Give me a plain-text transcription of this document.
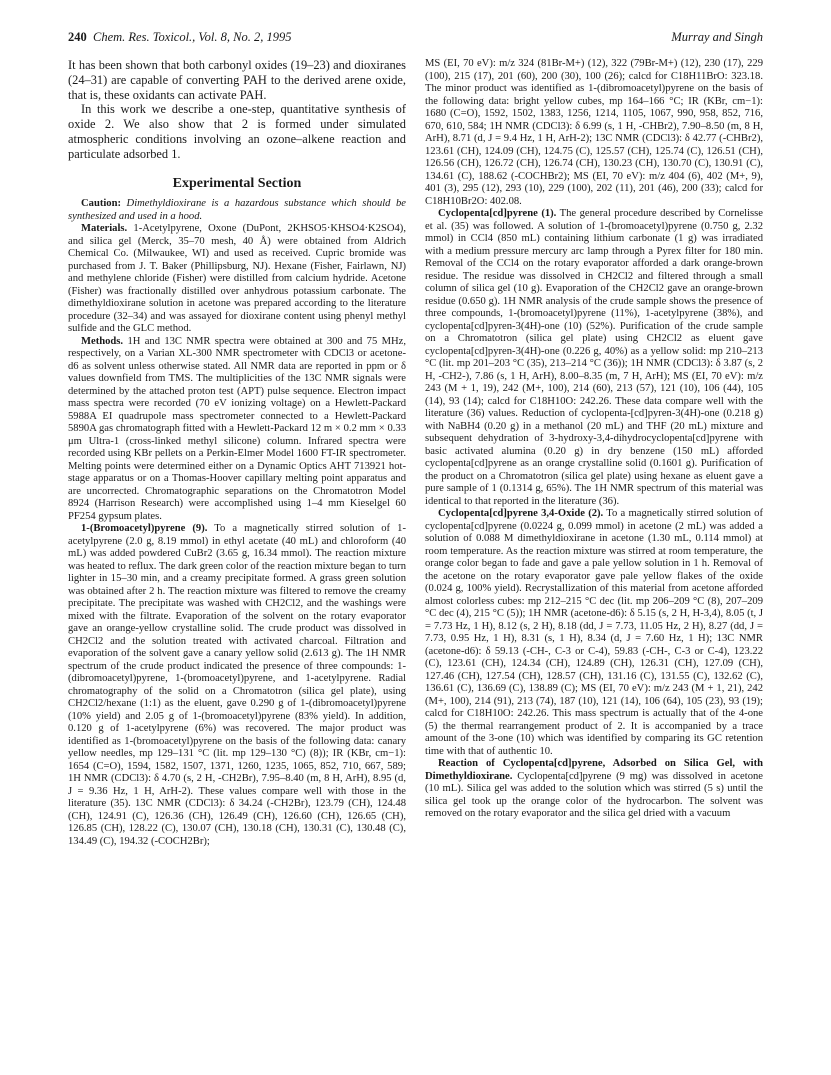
240 Chem. Res. Toxicol., Vol. 8, No. 2, 1995	Murray and Singh

It has been shown that both carbonyl oxides (19–23) and dioxiranes (24–31) are capable of converting PAH to the derived arene oxide, that is, these oxidants can activate PAH.

In this work we describe a one-step, quantitative synthesis of oxide 2. We also show that 2 is formed under simulated atmospheric conditions involving an ozone–alkene reaction and particulate adsorbed 1.

Experimental Section

Caution: Dimethyldioxirane is a hazardous substance which should be synthesized and used in a hood.

Materials. 1-Acetylpyrene, Oxone (DuPont, 2KHSO5·KHSO4·K2SO4), and silica gel (Merck, 35–70 mesh, 40 Å) were obtained from Aldrich Chemical Co. (Milwaukee, WI) and used as received. Cupric bromide was purchased from J. T. Baker (Phillipsburg, NJ). Hexane (Fisher, Fairlawn, NJ) and methylene chloride (Fisher) were distilled from calcium hydride. Acetone (Fisher) was fractionally distilled over anhydrous potassium carbonate. The dimethyldioxirane solution in acetone was prepared according to the literature procedure (32–34) and was assayed for dioxirane content using phenyl methyl sulfide and the GLC method.

Methods. 1H and 13C NMR spectra were obtained at 300 and 75 MHz, respectively, on a Varian XL-300 NMR spectrometer with CDCl3 or acetone-d6 as solvent unless otherwise stated. All NMR data are reported in ppm or δ values downfield from TMS. The multiplicities of the 13C NMR signals were determined by the attached proton test (APT) pulse sequence. Electron impact mass spectra were recorded (70 eV ionizing voltage) on a Hewlett-Packard 5988A EI quadrupole mass spectrometer connected to a Hewlett-Packard 5890A gas chromatograph fitted with a Hewlett-Packard 12 m × 0.2 mm × 0.33 μm Ultra-1 (cross-linked methyl silicone) column. Infrared spectra were recorded using KBr pellets on a Perkin-Elmer Model 1600 FT-IR spectrometer. Melting points were determined either on a Dynamic Optics AHT 713921 hot-stage apparatus or on a Thomas-Hoover capillary melting point apparatus and are uncorrected. Chromatographic separations on the Chromatotron Model 8924 (Harrison Research) were accomplished using 1–4 mm Kieselgel 60 PF254 gypsum plates.

1-(Bromoacetyl)pyrene (9). To a magnetically stirred solution of 1-acetylpyrene (2.0 g, 8.19 mmol) in ethyl acetate (40 mL) and chloroform (40 mL) was added powdered CuBr2 (3.65 g, 16.34 mmol). The reaction mixture was heated to reflux. The dark green color of the reaction mixture began to turn lighter in 15–30 min, and a creamy precipitate formed. A grass green solution was obtained after 2 h. The reaction mixture was filtered to remove the creamy precipitate. The precipitate was washed with CH2Cl2, and the washings were mixed with the filtrate. Evaporation of the solvent on the rotary evaporator gave an orange-yellow crystalline solid. The crude product was dissolved in CH2Cl2 and the solution treated with activated charcoal. Filtration and evaporation of the solvent gave a canary yellow solid (2.613 g). The 1H NMR spectrum of the crude product indicated the presence of three compounds: 1-(dibromoacetyl)pyrene, 1-(bromoacetyl)pyrene, and 1-acetylpyrene. Radial chromatography of the solid on a Chromatotron (silica gel plate), using CH2Cl2/hexane (1:1) as the eluent, gave 0.290 g of 1-(dibromoacetyl)pyrene (10% yield) and 2.05 g of 1-(bromoacetyl)pyrene (83% yield). In addition, 0.120 g of 1-acetylpyrene (6%) was recovered. The major product was identified as 1-(bromoacetyl)pyrene on the basis of the following data: canary yellow needles, mp 129–131 °C (lit. mp 129–130 °C) (8)); IR (KBr, cm−1): 1654 (C=O), 1594, 1582, 1507, 1371, 1260, 1235, 1065, 852, 710, 667, 589; 1H NMR (CDCl3): δ 4.70 (s, 2 H, -CH2Br), 7.95–8.40 (m, 8 H, ArH), 8.95 (d, J = 9.36 Hz, 1 H, ArH-2). These values compare well with those in the literature (35). 13C NMR (CDCl3): δ 34.24 (-CH2Br), 123.79 (CH), 124.48 (CH), 124.91 (C), 126.36 (CH), 126.49 (CH), 126.60 (CH), 126.65 (CH), 126.85 (CH), 128.22 (C), 130.07 (CH), 130.18 (CH), 130.31 (C), 130.48 (C), 134.49 (C), 194.32 (-COCH2Br);

MS (EI, 70 eV): m/z 324 (81Br-M+) (12), 322 (79Br-M+) (12), 230 (17), 229 (100), 215 (17), 201 (60), 200 (30), 100 (26); calcd for C18H11BrO: 323.18. The minor product was identified as 1-(dibromoacetyl)pyrene on the basis of the following data: bright yellow cubes, mp 164–166 °C; IR (KBr, cm−1): 1680 (C=O), 1592, 1502, 1383, 1256, 1214, 1105, 1067, 990, 958, 852, 716, 670, 610, 584; 1H NMR (CDCl3): δ 6.99 (s, 1 H, -CHBr2), 7.90–8.50 (m, 8 H, ArH), 8.71 (d, J = 9.4 Hz, 1 H, ArH-2); 13C NMR (CDCl3): δ 42.77 (-CHBr2), 123.61 (CH), 124.09 (CH), 124.75 (C), 125.57 (CH), 125.74 (C), 126.51 (CH), 126.56 (CH), 126.72 (CH), 126.74 (CH), 130.23 (CH), 130.70 (C), 130.91 (C), 134.61 (C), 188.62 (-COCHBr2); MS (EI, 70 eV): m/z 404 (6), 402 (M+, 9), 401 (3), 295 (12), 293 (10), 229 (100), 202 (11), 201 (46), 200 (33); calcd for C18H10Br2O: 402.08.

Cyclopenta[cd]pyrene (1). The general procedure described by Cornelisse et al. (35) was followed. A solution of 1-(bromoacetyl)pyrene (0.750 g, 2.32 mmol) in CCl4 (850 mL) containing lithium carbonate (1 g) was irradiated with a medium pressure mercury arc lamp through a Pyrex filter for 180 min. Removal of the CCl4 on the rotary evaporator afforded a dark orange-brown residue. The residue was dissolved in CH2Cl2 and filtered through a small column of silica gel (10 g). Evaporation of the CH2Cl2 gave an orange-brown residue (0.650 g). 1H NMR analysis of the crude sample shows the presence of three compounds, 1-(bromoacetyl)pyrene (11%), 1-acetylpyrene (38%), and cyclopenta[cd]pyren-3(4H)-one (10) (52%). Purification of the crude sample on a Chromatotron (silica gel plate) using CH2Cl2 as eluent gave cyclopenta[cd]pyren-3(4H)-one (0.226 g, 40%) as a yellow solid: mp 210–213 °C (lit. mp 201–203 °C (35), 213–214 °C (36)); 1H NMR (CDCl3): δ 3.87 (s, 2 H, -CH2-), 7.86 (s, 1 H, ArH), 8.00–8.35 (m, 7 H, ArH); MS (EI, 70 eV): m/z 243 (M + 1, 19), 242 (M+, 100), 214 (60), 213 (57), 121 (10), 106 (44), 105 (14), 93 (14); calcd for C18H10O: 242.26. These data compare well with the literature (36) values. Reduction of cyclopenta-[cd]pyren-3(4H)-one (0.218 g) with NaBH4 (0.20 g) in a methanol (20 mL) and THF (20 mL) mixture and subsequent dehydration of 3-hydroxy-3,4-dihydrocyclopenta[cd]pyrene with basic activated alumina (0.20 g) in dry benzene (150 mL) afforded cyclopenta[cd]pyrene as an orange crystalline solid (0.1601 g). Purification of the product on a Chromatotron (silica gel plate) using hexane as eluent gave a pure sample of 1 (0.1314 g, 65%). The 1H NMR spectrum of this material was identical to that reported in the literature (36).

Cyclopenta[cd]pyrene 3,4-Oxide (2). To a magnetically stirred solution of cyclopenta[cd]pyrene (0.0224 g, 0.099 mmol) in acetone (2 mL) was added a solution of 0.088 M dimethyldioxirane in acetone (1.30 mL, 0.114 mmol) at room temperature. As the reaction mixture was stirred at room temperature, the orange color began to fade and gave a pale yellow solution in 1 h. Removal of the acetone on the rotary evaporator gave pale yellow flakes of the oxide (0.024 g, 100% yield). Recrystallization of this material from acetone afforded almost colorless cubes: mp 212–215 °C dec (lit. mp 206–209 °C (8), 207–209 °C dec (4), 215 °C (5)); 1H NMR (acetone-d6): δ 5.15 (s, 2 H, H-3,4), 8.05 (t, J = 7.73 Hz, 1 H), 8.12 (s, 2 H), 8.18 (dd, J = 7.73, 11.05 Hz, 2 H), 8.27 (dd, J = 7.73, 0.95 Hz, 1 H), 8.31 (s, 1 H), 8.34 (d, J = 7.60 Hz, 1 H); 13C NMR (acetone-d6): δ 59.13 (-CH-, C-3 or C-4), 59.83 (-CH-, C-3 or C-4), 123.22 (C), 123.61 (CH), 124.34 (CH), 124.89 (CH), 126.31 (CH), 127.09 (CH), 127.46 (CH), 127.54 (CH), 128.57 (CH), 131.16 (C), 131.55 (C), 132.62 (C), 136.61 (C), 136.69 (C), 138.89 (C); MS (EI, 70 eV): m/z 243 (M + 1, 21), 242 (M+, 100), 214 (91), 213 (74), 187 (10), 121 (14), 106 (64), 105 (23), 93 (19); calcd for C18H10O: 242.26. This mass spectrum is actually that of the 4-one (5) the thermal rearrangement product of 2. It is accompanied by a trace amount of the 3-one (10) which was identified by comparing its GC retention time with that of authentic 10.

Reaction of Cyclopenta[cd]pyrene, Adsorbed on Silica Gel, with Dimethyldioxirane. Cyclopenta[cd]pyrene (9 mg) was dissolved in acetone (10 mL). Silica gel was added to the solution which was stirred (5 s) until the silica gel took up the orange color of the hydrocarbon. The solvent was removed on the rotary evaporator and the silica gel dried with a vacuum
